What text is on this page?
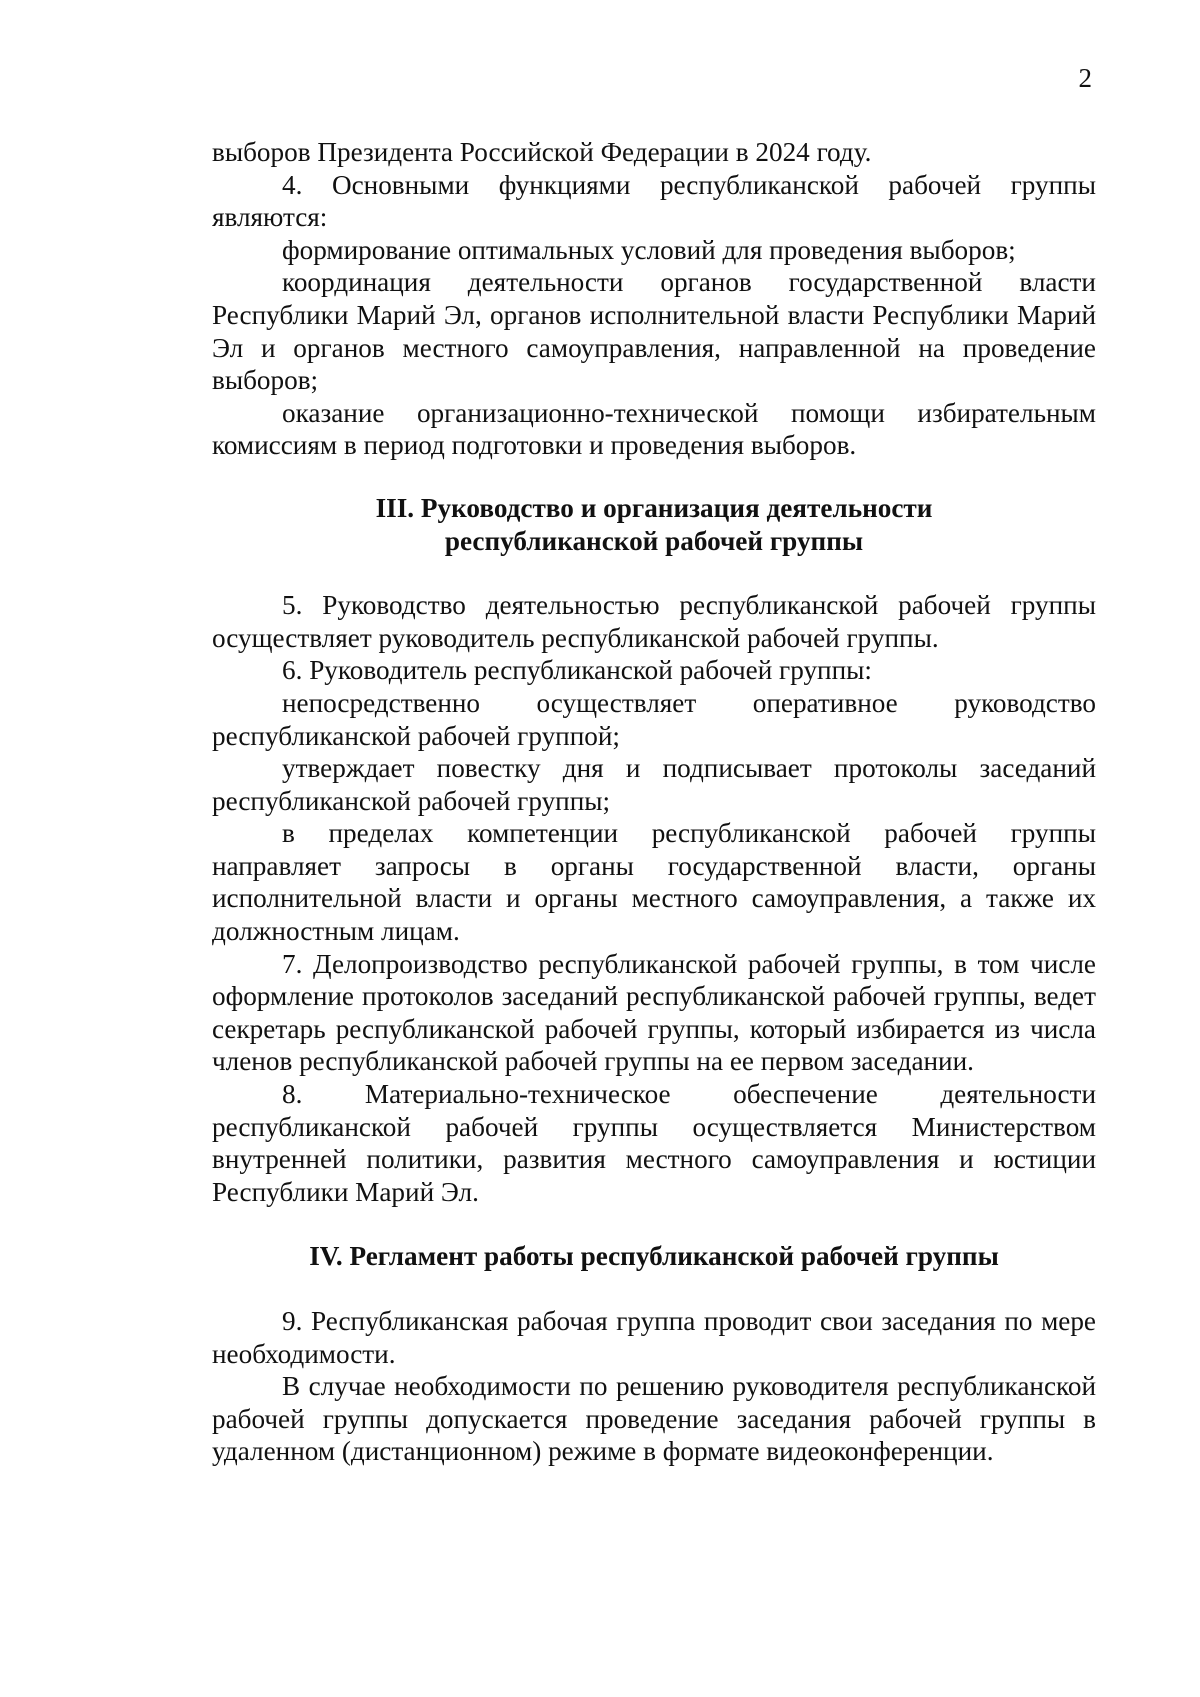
2

выборов Президента Российской Федерации в 2024 году.

4. Основными функциями республиканской рабочей группы являются:

формирование оптимальных условий для проведения выборов;

координация деятельности органов государственной власти Республики Марий Эл, органов исполнительной власти Республики Марий Эл и органов местного самоуправления, направленной на проведение выборов;

оказание организационно-технической помощи избирательным комиссиям в период подготовки и проведения выборов.

III. Руководство и организация деятельности
республиканской рабочей группы

5. Руководство деятельностью республиканской рабочей группы осуществляет руководитель республиканской рабочей группы.

6. Руководитель республиканской рабочей группы:

непосредственно осуществляет оперативное руководство республиканской рабочей группой;

утверждает повестку дня и подписывает протоколы заседаний республиканской рабочей группы;

в пределах компетенции республиканской рабочей группы направляет запросы в органы государственной власти, органы исполнительной власти и органы местного самоуправления, а также их должностным лицам.

7. Делопроизводство республиканской рабочей группы, в том числе оформление протоколов заседаний республиканской рабочей группы, ведет секретарь республиканской рабочей группы, который избирается из числа членов республиканской рабочей группы на ее первом заседании.

8. Материально-техническое обеспечение деятельности республиканской рабочей группы осуществляется Министерством внутренней политики, развития местного самоуправления и юстиции Республики Марий Эл.

IV. Регламент работы республиканской рабочей группы

9. Республиканская рабочая группа проводит свои заседания по мере необходимости.

В случае необходимости по решению руководителя республиканской рабочей группы допускается проведение заседания рабочей группы в удаленном (дистанционном) режиме в формате видеоконференции.
